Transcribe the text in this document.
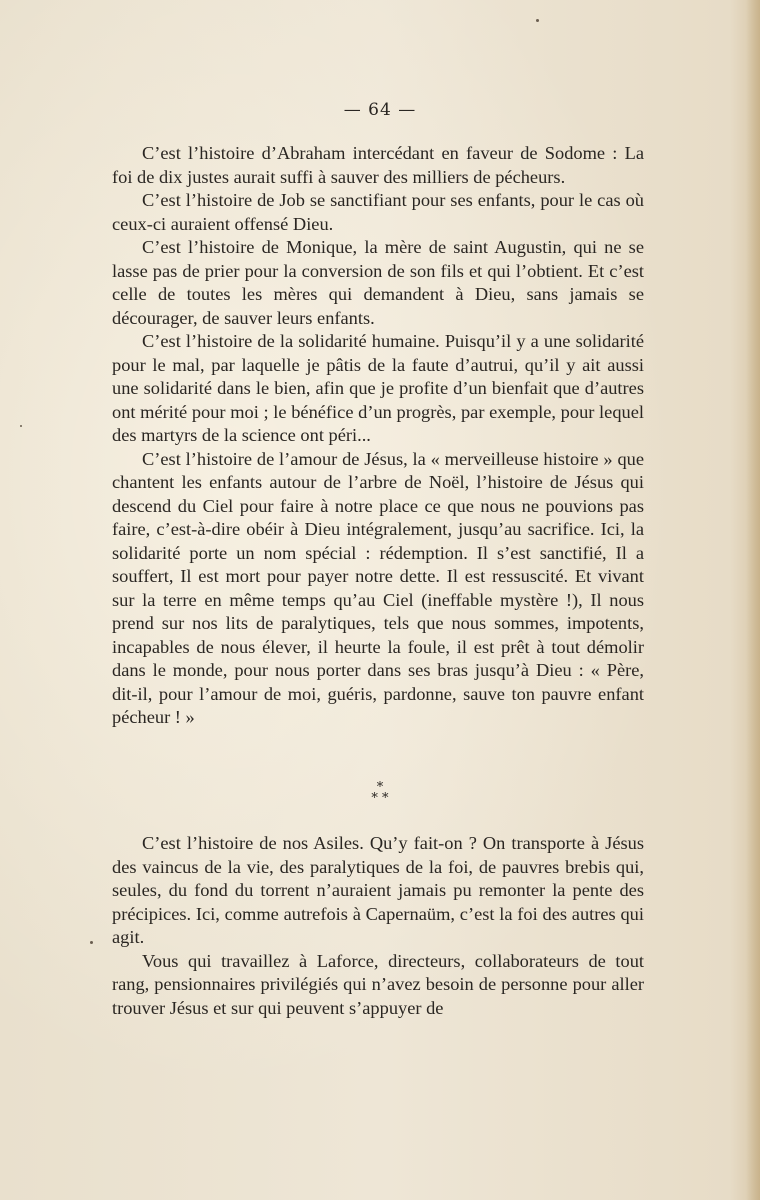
— 64 —

C’est l’histoire d’Abraham intercédant en faveur de Sodome : La foi de dix justes aurait suffi à sauver des milliers de pécheurs.

C’est l’histoire de Job se sanctifiant pour ses enfants, pour le cas où ceux-ci auraient offensé Dieu.

C’est l’histoire de Monique, la mère de saint Augustin, qui ne se lasse pas de prier pour la conversion de son fils et qui l’obtient. Et c’est celle de toutes les mères qui demandent à Dieu, sans jamais se décourager, de sauver leurs enfants.

C’est l’histoire de la solidarité humaine. Puisqu’il y a une solidarité pour le mal, par laquelle je pâtis de la faute d’autrui, qu’il y ait aussi une solidarité dans le bien, afin que je profite d’un bienfait que d’autres ont mérité pour moi ; le bénéfice d’un progrès, par exemple, pour lequel des martyrs de la science ont péri...

C’est l’histoire de l’amour de Jésus, la « merveilleuse histoire » que chantent les enfants autour de l’arbre de Noël, l’histoire de Jésus qui descend du Ciel pour faire à notre place ce que nous ne pouvions pas faire, c’est-à-dire obéir à Dieu intégralement, jusqu’au sacrifice. Ici, la solidarité porte un nom spécial : rédemption. Il s’est sanctifié, Il a souffert, Il est mort pour payer notre dette. Il est ressuscité. Et vivant sur la terre en même temps qu’au Ciel (ineffable mystère !), Il nous prend sur nos lits de paralytiques, tels que nous sommes, impotents, incapables de nous élever, il heurte la foule, il est prêt à tout démolir dans le monde, pour nous porter dans ses bras jusqu’à Dieu : « Père, dit-il, pour l’amour de moi, guéris, pardonne, sauve ton pauvre enfant pécheur ! »

*
* *

C’est l’histoire de nos Asiles. Qu’y fait-on ? On transporte à Jésus des vaincus de la vie, des paralytiques de la foi, de pauvres brebis qui, seules, du fond du torrent n’auraient jamais pu remonter la pente des précipices. Ici, comme autrefois à Capernaüm, c’est la foi des autres qui agit.

Vous qui travaillez à Laforce, directeurs, collaborateurs de tout rang, pensionnaires privilégiés qui n’avez besoin de personne pour aller trouver Jésus et sur qui peuvent s’appuyer de
